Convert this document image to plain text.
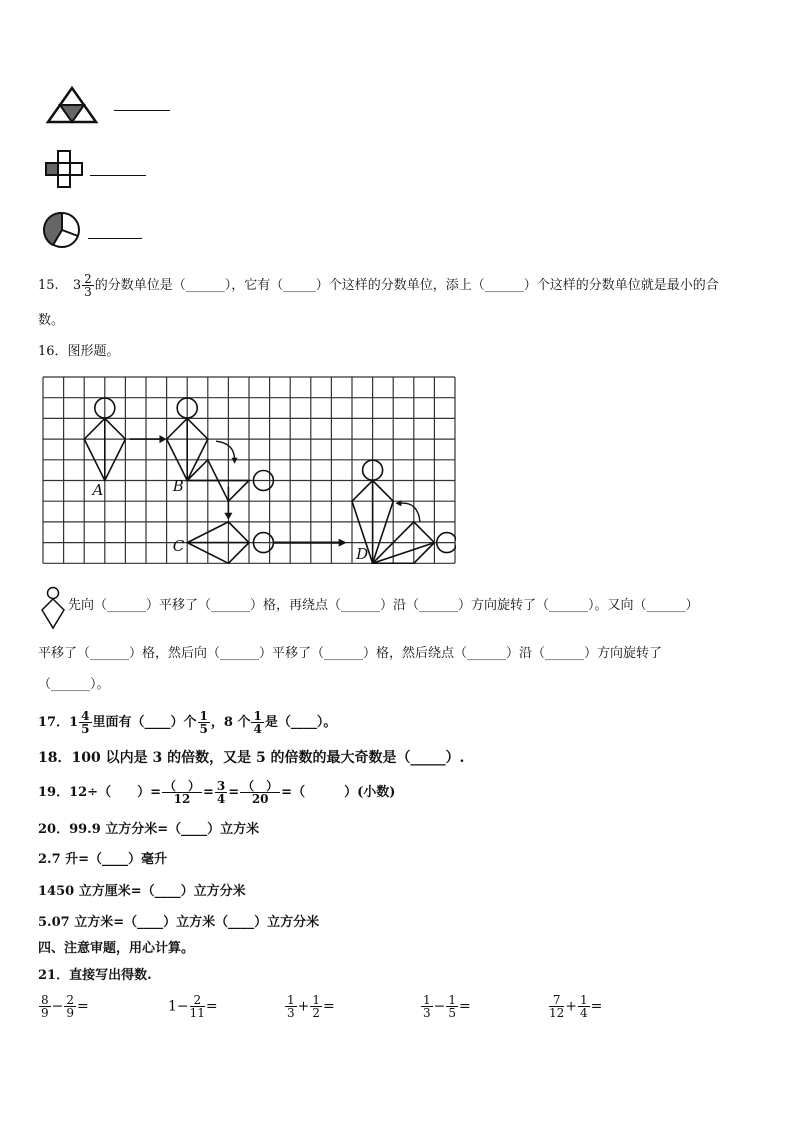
15. $3 \frac{2}{3}$ 的分数单位是（______），它有（_____）个这样的分数单位，添上（______）个这样的分数单位就是最小的合
数。
16．图形题。
A	B
C	D
先向（______）平移了（______）格，再绕点（______）沿（______）方向旋转了（______）。又向（______）
平移了（______）格，然后向（______）平移了（______）格，然后绕点（______）沿（______）方向旋转了
（______）。
17．$1 \frac{4}{5}$ 里面有（____）个 $\frac{1}{5}$ ，8 个 $\frac{1}{4}$ 是（____）。
18．100 以内是 3 的倍数，又是 5 的倍数的最大奇数是（_____）.
19．12÷（　　）= $\frac{( )}{12} = \frac{3}{4} = \frac{( )}{20}$ =（　　　）(小数)
20．99.9 立方分米=（____）立方米
2.7 升=（____）毫升
1450 立方厘米=（____）立方分米
5.07 立方米=（____）立方米（____）立方分米
四、注意审题，用心计算。
21．直接写出得数.
$\frac{8}{9} - \frac{2}{9}$ =	$1- \frac{2}{11}$ =	$\frac{1}{3} + \frac{1}{2}$ =	$\frac{1}{3} - \frac{1}{5}$ =	$\frac{7}{12} + \frac{1}{4}$ =
